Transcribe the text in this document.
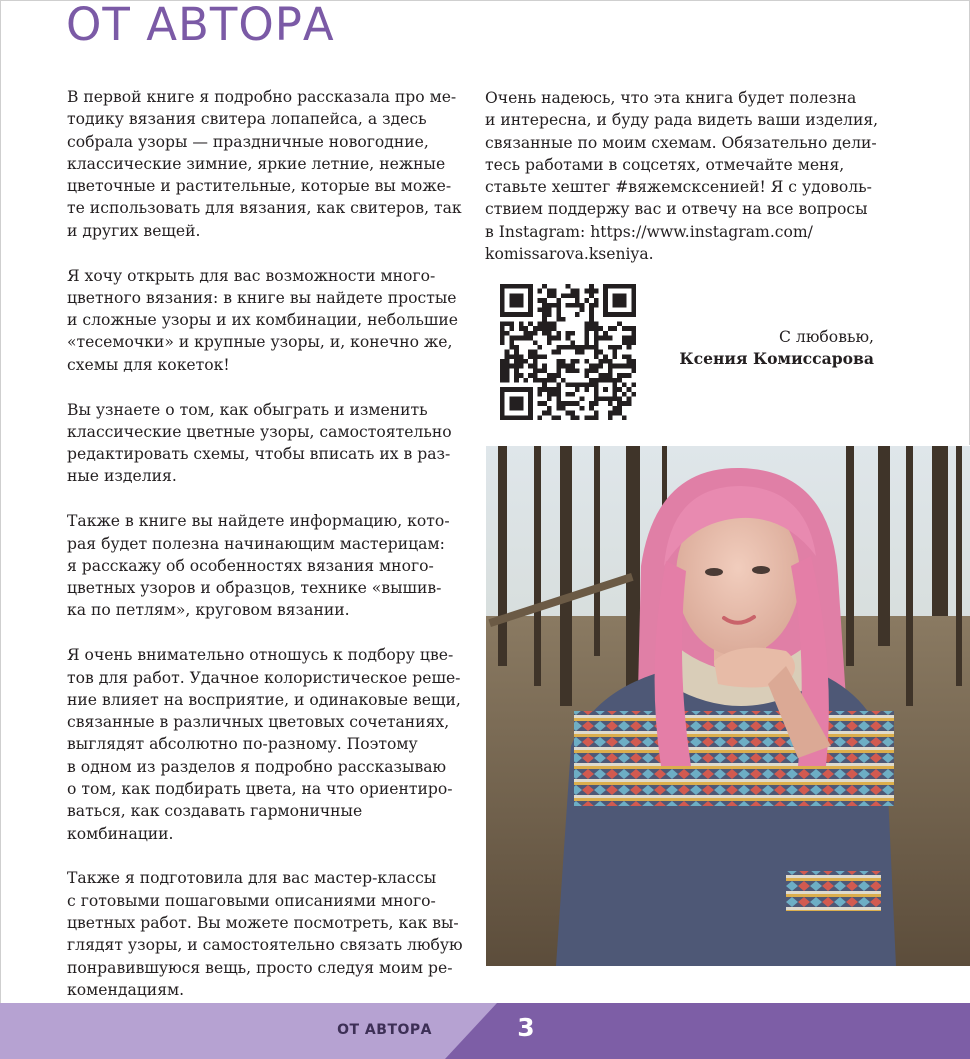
ОТ АВТОРА

В первой книге я подробно рассказала про ме-
тодику вязания свитера лопапейса, а здесь
собрала узоры — праздничные новогодние,
классические зимние, яркие летние, нежные
цветочные и растительные, которые вы може-
те использовать для вязания, как свитеров, так
и других вещей.

Я хочу открыть для вас возможности много-
цветного вязания: в книге вы найдете простые
и сложные узоры и их комбинации, небольшие
«тесемочки» и крупные узоры, и, конечно же,
схемы для кокеток!

Вы узнаете о том, как обыграть и изменить
классические цветные узоры, самостоятельно
редактировать схемы, чтобы вписать их в раз-
ные изделия.

Также в книге вы найдете информацию, кото-
рая будет полезна начинающим мастерицам:
я расскажу об особенностях вязания много-
цветных узоров и образцов, технике «вышив-
ка по петлям», круговом вязании.

Я очень внимательно отношусь к подбору цве-
тов для работ. Удачное колористическое реше-
ние влияет на восприятие, и одинаковые вещи,
связанные в различных цветовых сочетаниях,
выглядят абсолютно по-разному. Поэтому
в одном из разделов я подробно рассказываю
о том, как подбирать цвета, на что ориентиро-
ваться, как создавать гармоничные комбинации.

Также я подготовила для вас мастер-классы
с готовыми пошаговыми описаниями много-
цветных работ. Вы можете посмотреть, как вы-
глядят узоры, и самостоятельно связать любую
понравившуюся вещь, просто следуя моим ре-
комендациям.

Очень надеюсь, что эта книга будет полезна
и интересна, и буду рада видеть ваши изделия,
связанные по моим схемам. Обязательно дели-
тесь работами в соцсетях, отмечайте меня,
ставьте хештег #вяжемсксенией! Я с удоволь-
ствием поддержу вас и отвечу на все вопросы
в Instagram: https://www.instagram.com/
komissarova.kseniya.

С любовью,
Ксения Комиссарова
ОТ АВТОРА	3
